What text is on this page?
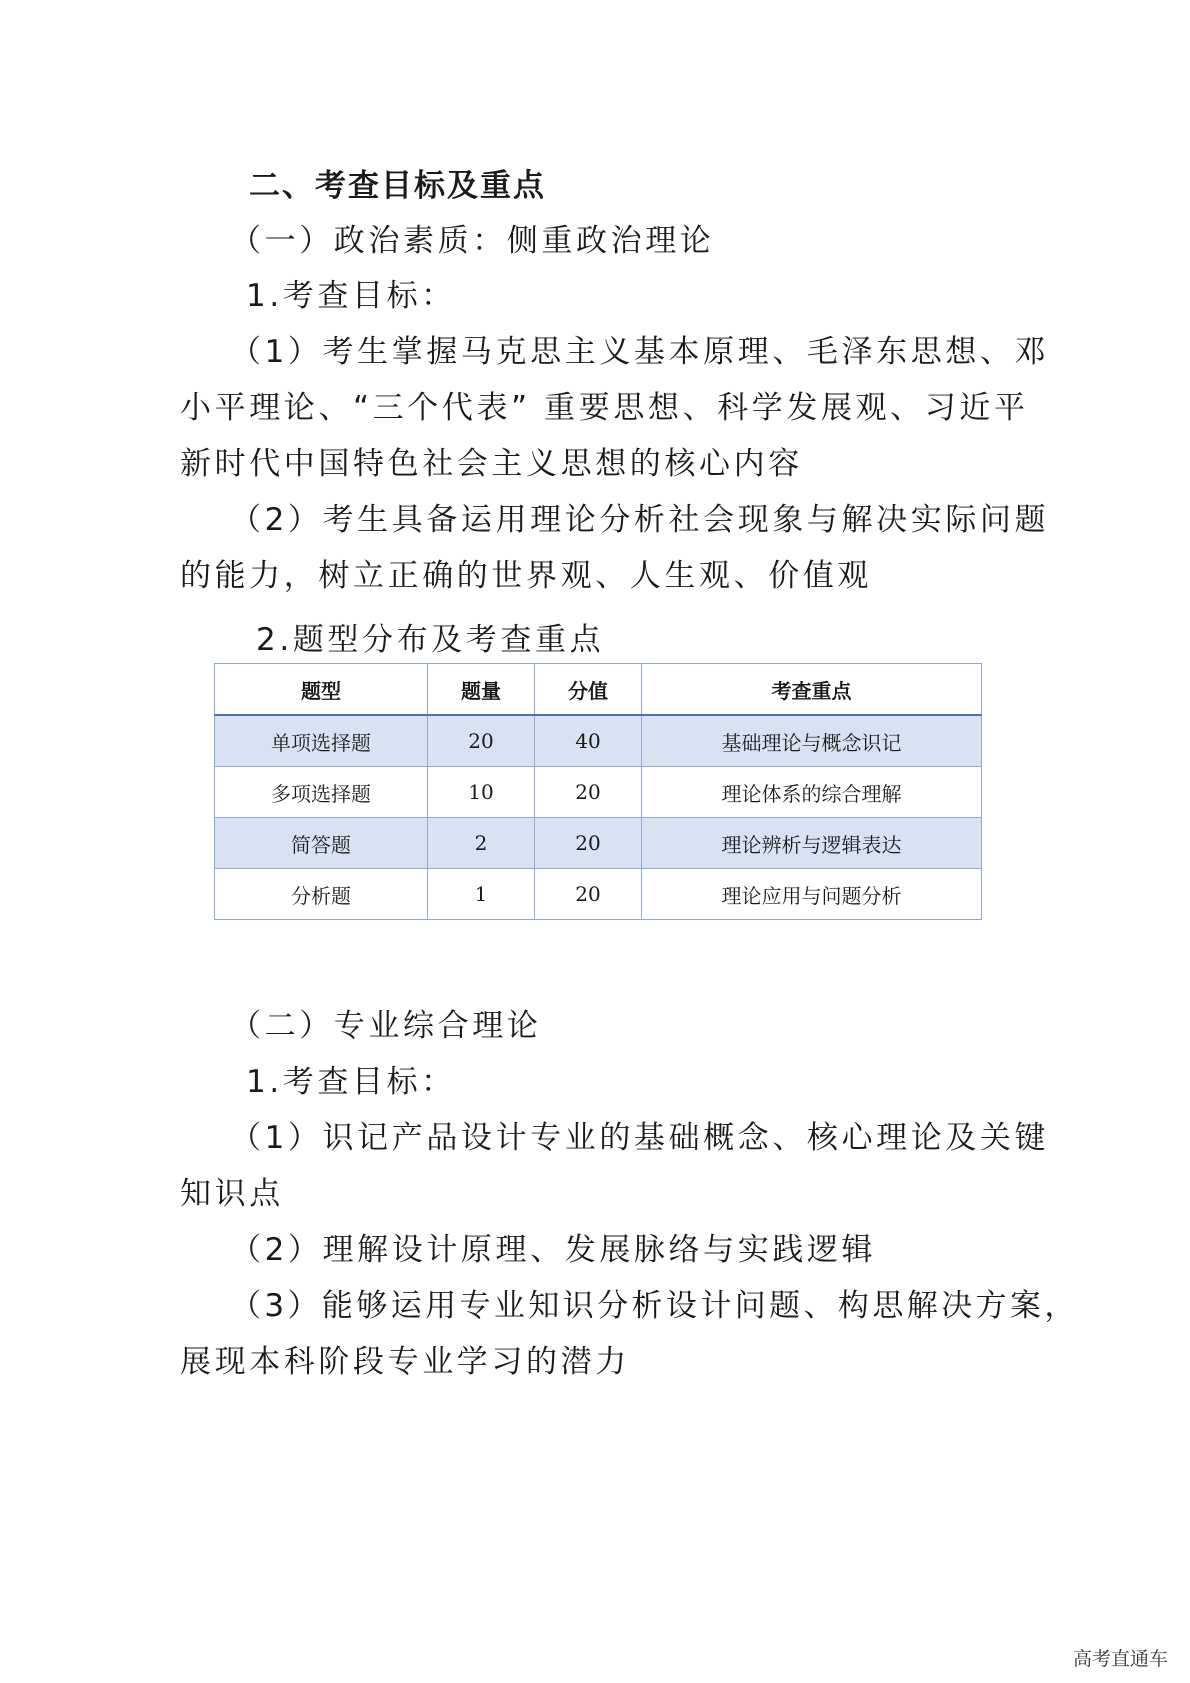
二、考查目标及重点

（一）政治素质：侧重政治理论

1.考查目标：

（1）考生掌握马克思主义基本原理、毛泽东思想、邓

小平理论、“三个代表” 重要思想、科学发展观、习近平

新时代中国特色社会主义思想的核心内容

（2）考生具备运用理论分析社会现象与解决实际问题

的能力，树立正确的世界观、人生观、价值观

2.题型分布及考查重点

题型	题量	分值	考查重点
单项选择题	20	40	基础理论与概念识记
多项选择题	10	20	理论体系的综合理解
简答题	2	20	理论辨析与逻辑表达
分析题	1	20	理论应用与问题分析

（二）专业综合理论

1.考查目标：

（1）识记产品设计专业的基础概念、核心理论及关键

知识点

（2）理解设计原理、发展脉络与实践逻辑

（3）能够运用专业知识分析设计问题、构思解决方案，

展现本科阶段专业学习的潜力

高考直通车
